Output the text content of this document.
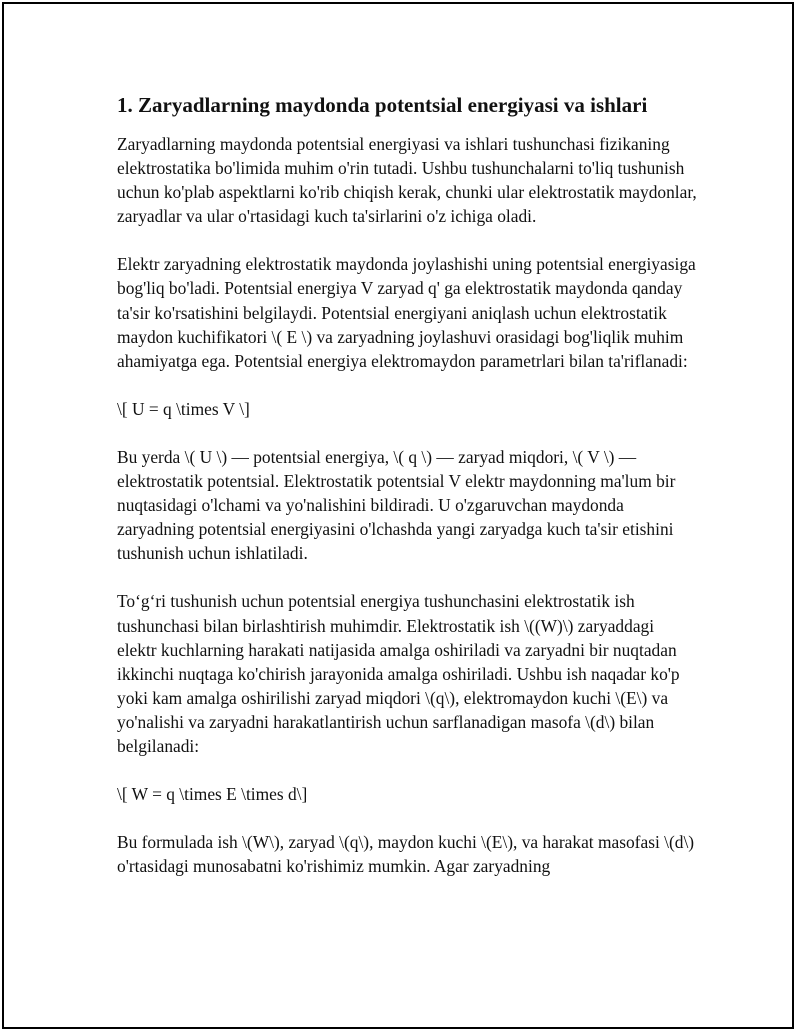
1. Zaryadlarning maydonda potentsial energiyasi va ishlari

Zaryadlarning maydonda potentsial energiyasi va ishlari tushunchasi fizikaning elektrostatika bo'limida muhim o'rin tutadi. Ushbu tushunchalarni to'liq tushunish uchun ko'plab aspektlarni ko'rib chiqish kerak, chunki ular elektrostatik maydonlar, zaryadlar va ular o'rtasidagi kuch ta'sirlarini o'z ichiga oladi.

Elektr zaryadning elektrostatik maydonda joylashishi uning potentsial energiyasiga bog'liq bo'ladi. Potentsial energiya V zaryad q' ga elektrostatik maydonda qanday ta'sir ko'rsatishini belgilaydi. Potentsial energiyani aniqlash uchun elektrostatik maydon kuchifikatori \( E \) va zaryadning joylashuvi orasidagi bog'liqlik muhim ahamiyatga ega. Potentsial energiya elektromaydon parametrlari bilan ta'riflanadi:

\[ U = q \times V \]

Bu yerda \( U \) — potentsial energiya, \( q \) — zaryad miqdori, \( V \) — elektrostatik potentsial. Elektrostatik potentsial V elektr maydonning ma'lum bir nuqtasidagi o'lchami va yo'nalishini bildiradi. U o'zgaruvchan maydonda zaryadning potentsial energiyasini o'lchashda yangi zaryadga kuch ta'sir etishini tushunish uchun ishlatiladi.

To‘g‘ri tushunish uchun potentsial energiya tushunchasini elektrostatik ish tushunchasi bilan birlashtirish muhimdir. Elektrostatik ish \((W)\) zaryaddagi elektr kuchlarning harakati natijasida amalga oshiriladi va zaryadni bir nuqtadan ikkinchi nuqtaga ko'chirish jarayonida amalga oshiriladi. Ushbu ish naqadar ko'p yoki kam amalga oshirilishi zaryad miqdori \(q\), elektromaydon kuchi \(E\) va yo'nalishi va zaryadni harakatlantirish uchun sarflanadigan masofa \(d\) bilan belgilanadi:

\[ W = q \times E \times d\]

Bu formulada ish \(W\), zaryad \(q\), maydon kuchi \(E\), va harakat masofasi \(d\) o'rtasidagi munosabatni ko'rishimiz mumkin. Agar zaryadning
